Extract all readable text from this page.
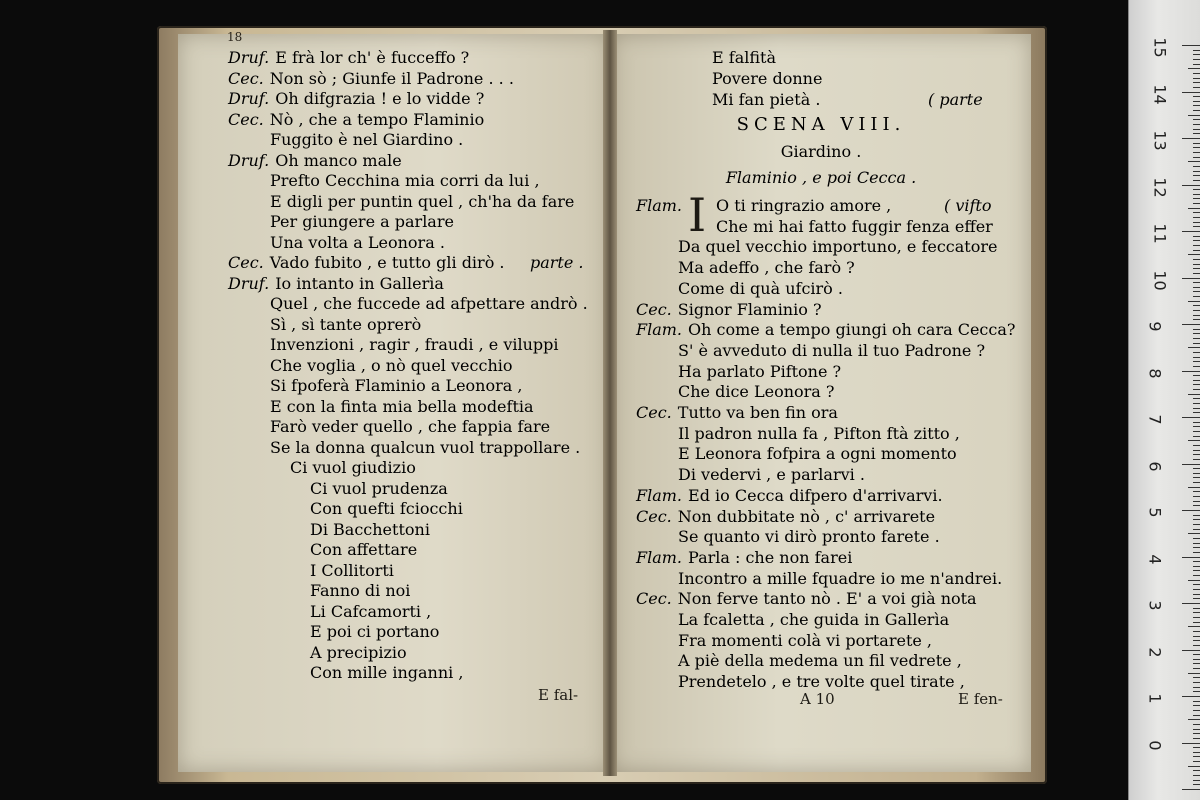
18
E fal-
I
A 10	E fen-
Druf. E frà lor ch' è fucceffo ?
Cec. Non sò ; Giunfe il Padrone . . .
Druf. Oh difgrazia ! e lo vidde ?
Cec. Nò , che a tempo Flaminio
Fuggito è nel Giardino .
Druf. Oh manco male
Prefto Cecchina mia corri da lui ,
E digli per puntin quel , ch'ha da fare
Per giungere a parlare
Una volta a Leonora .
Cec. Vado fubito , e tutto gli dirò . parte .
Druf. Io intanto in Gallerìa
Quel , che fuccede ad afpettare andrò .
Sì , sì tante oprerò
Invenzioni , ragir , fraudi , e viluppi
Che voglia , o nò quel vecchio
Si fpoferà Flaminio a Leonora ,
E con la finta mia bella modeftia
Farò veder quello , che fappia fare
Se la donna qualcun vuol trappollare .
Ci vuol giudizio
Ci vuol prudenza
Con quefti fciocchi
Di Bacchettoni
Con affettare
I Collitorti
Fanno di noi
Li Cafcamorti ,
E poi ci portano
A precipizio
Con mille inganni ,
E falfità
Povere donne
Mi fan pietà .	( parte
SCENA VIII.
Giardino .
Flaminio , e poi Cecca .
Flam.	O ti ringrazio amore ,	( vifto
Che mi hai fatto fuggir fenza effer
Da quel vecchio importuno, e feccatore
Ma adeffo , che farò ?
Come di quà ufcirò .
Cec. Signor Flaminio ?
Flam. Oh come a tempo giungi oh cara Cecca?
S' è avveduto di nulla il tuo Padrone ?
Ha parlato Piftone ?
Che dice Leonora ?
Cec. Tutto va ben fin ora
Il padron nulla fa , Pifton ftà zitto ,
E Leonora fofpira a ogni momento
Di vedervi , e parlarvi .
Flam. Ed io Cecca difpero d'arrivarvi.
Cec. Non dubbitate nò , c' arrivarete
Se quanto vi dirò pronto farete .
Flam. Parla : che non farei
Incontro a mille fquadre io me n'andrei.
Cec. Non ferve tanto nò . E' a voi già nota
La fcaletta , che guida in Gallerìa
Fra momenti colà vi portarete ,
A piè della medema un fil vedrete ,
Prendetelo , e tre volte quel tirate ,
15
14
13
12
11
10
9
8
7
6
5
4
3
2
1
0
